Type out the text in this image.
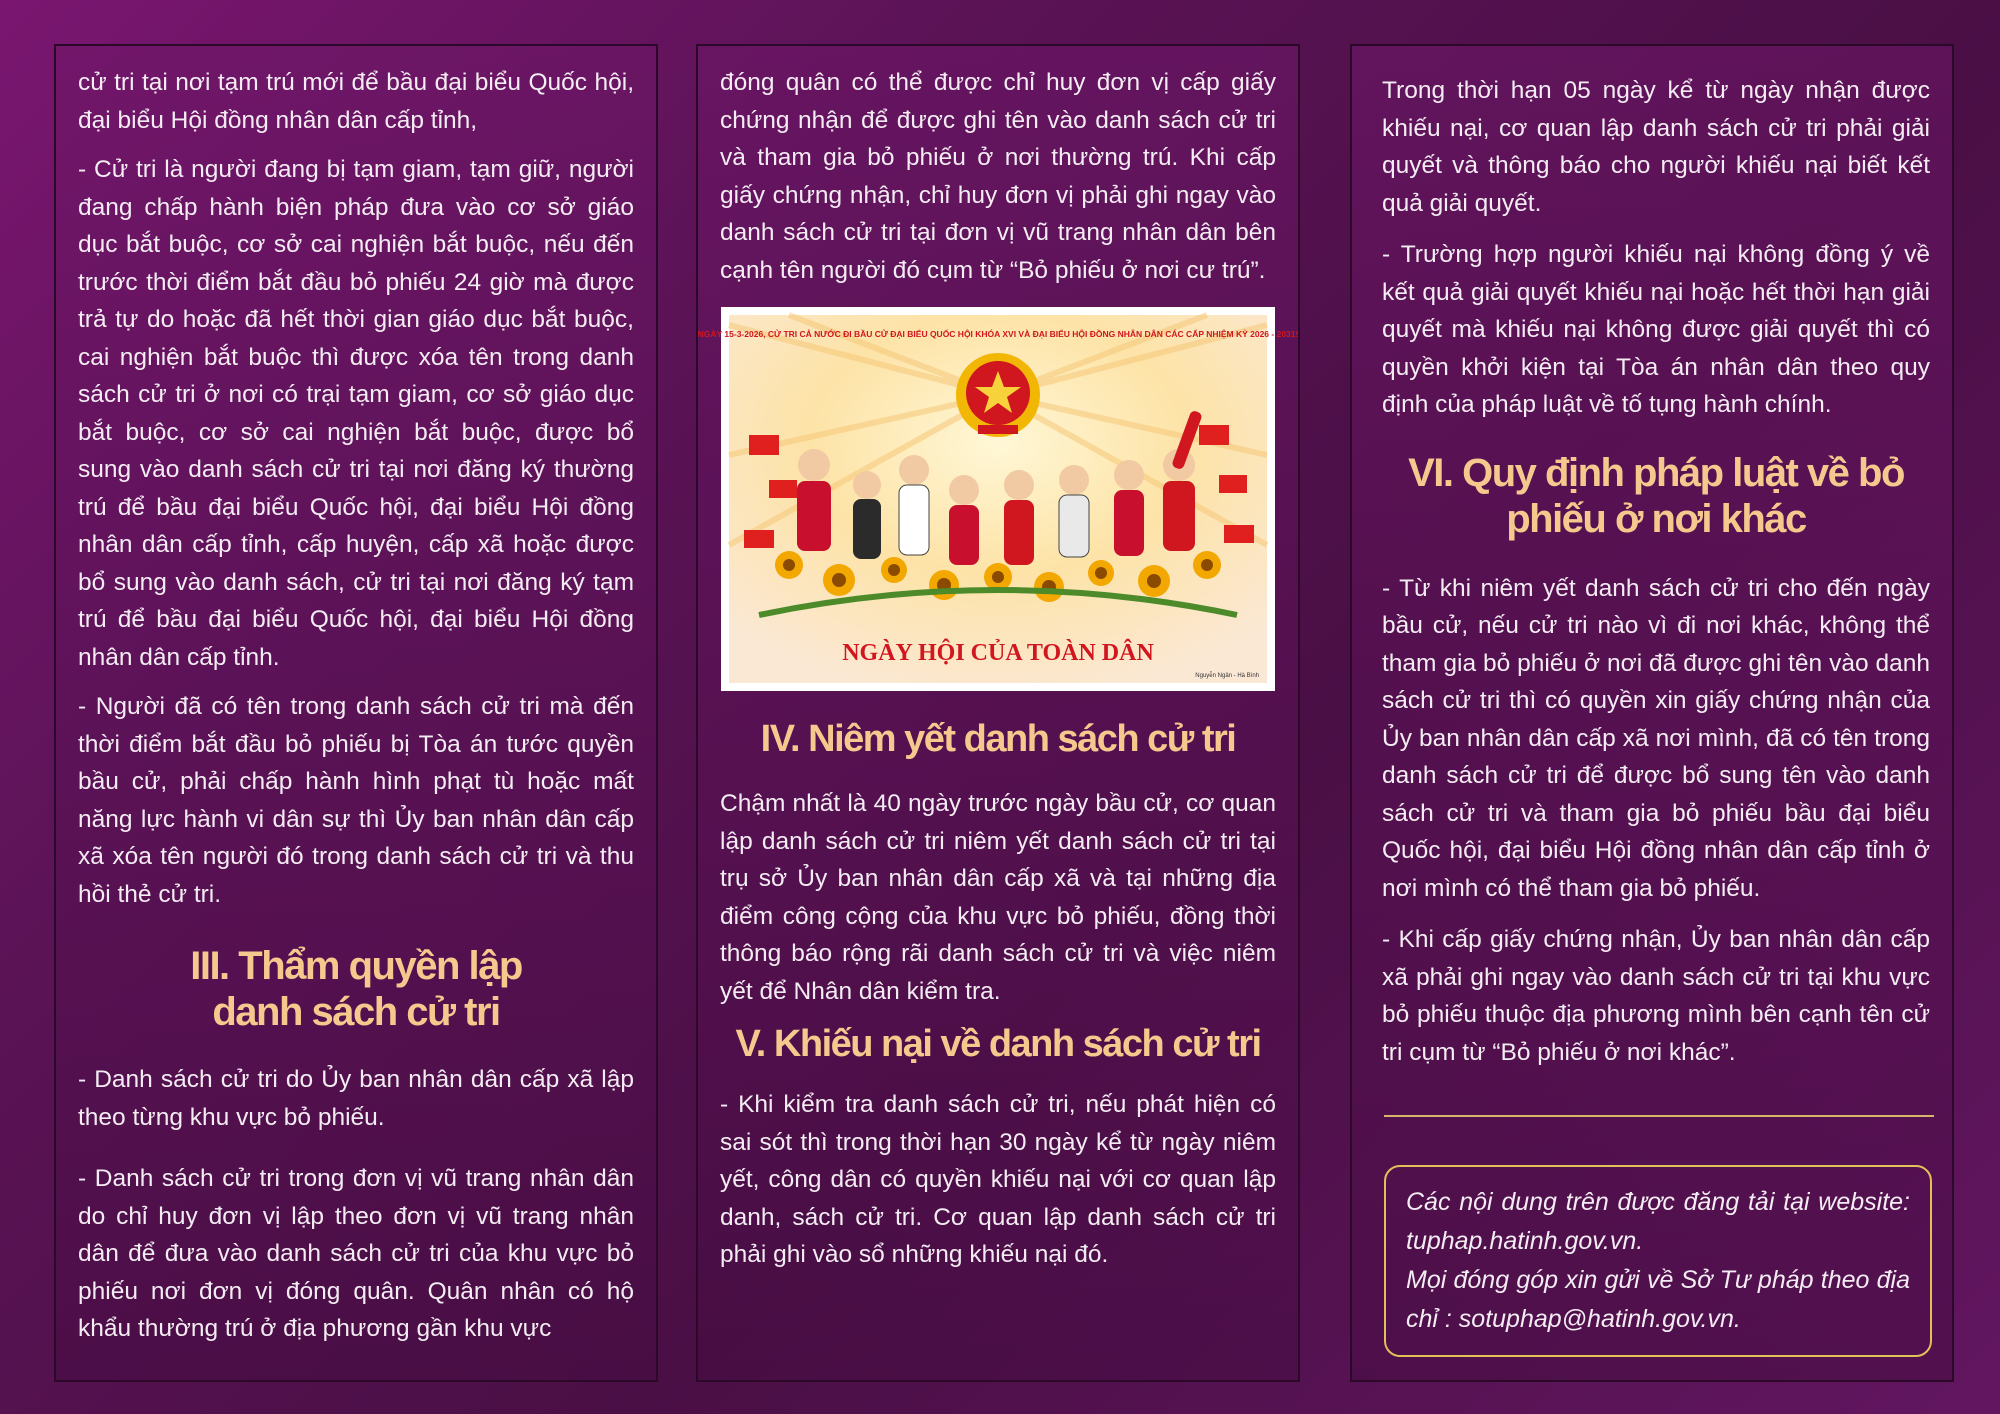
cử tri tại nơi tạm trú mới để bầu đại biểu Quốc hội, đại biểu Hội đồng nhân dân cấp tỉnh,

- Cử tri là người đang bị tạm giam, tạm giữ, người đang chấp hành biện pháp đưa vào cơ sở giáo dục bắt buộc, cơ sở cai nghiện bắt buộc, nếu đến trước thời điểm bắt đầu bỏ phiếu 24 giờ mà được trả tự do hoặc đã hết thời gian giáo dục bắt buộc, cai nghiện bắt buộc thì được xóa tên trong danh sách cử tri ở nơi có trại tạm giam, cơ sở giáo dục bắt buộc, cơ sở cai nghiện bắt buộc, được bổ sung vào danh sách cử tri tại nơi đăng ký thường trú để bầu đại biểu Quốc hội, đại biểu Hội đồng nhân dân cấp tỉnh, cấp huyện, cấp xã hoặc được bổ sung vào danh sách, cử tri tại nơi đăng ký tạm trú để bầu đại biểu Quốc hội, đại biểu Hội đồng nhân dân cấp tỉnh.

- Người đã có tên trong danh sách cử tri mà đến thời điểm bắt đầu bỏ phiếu bị Tòa án tước quyền bầu cử, phải chấp hành hình phạt tù hoặc mất năng lực hành vi dân sự thì Ủy ban nhân dân cấp xã xóa tên người đó trong danh sách cử tri và thu hồi thẻ cử tri.

III. Thẩm quyền lập
danh sách cử tri

- Danh sách cử tri do Ủy ban nhân dân cấp xã lập theo từng khu vực bỏ phiếu.

- Danh sách cử tri trong đơn vị vũ trang nhân dân do chỉ huy đơn vị lập theo đơn vị vũ trang nhân dân để đưa vào danh sách cử tri của khu vực bỏ phiếu nơi đơn vị đóng quân. Quân nhân có hộ khẩu thường trú ở địa phương gần khu vực

đóng quân có thể được chỉ huy đơn vị cấp giấy chứng nhận để được ghi tên vào danh sách cử tri và tham gia bỏ phiếu ở nơi thường trú. Khi cấp giấy chứng nhận, chỉ huy đơn vị phải ghi ngay vào danh sách cử tri tại đơn vị vũ trang nhân dân bên cạnh tên người đó cụm từ “Bỏ phiếu ở nơi cư trú”.

NGÀY 15-3-2026, CỬ TRI CẢ NƯỚC ĐI BẦU CỬ ĐẠI BIỂU QUỐC HỘI KHÓA XVI VÀ ĐẠI BIỂU HỘI ĐỒNG NHÂN DÂN CÁC CẤP NHIỆM KỲ 2026 - 2031!
NGÀY HỘI CỦA TOÀN DÂN
Nguyễn Ngân - Hà Bình
IV. Niêm yết danh sách cử tri

Chậm nhất là 40 ngày trước ngày bầu cử, cơ quan lập danh sách cử tri niêm yết danh sách cử tri tại trụ sở Ủy ban nhân dân cấp xã và tại những địa điểm công cộng của khu vực bỏ phiếu, đồng thời thông báo rộng rãi danh sách cử tri và việc niêm yết để Nhân dân kiểm tra.

V. Khiếu nại về danh sách cử tri

- Khi kiểm tra danh sách cử tri, nếu phát hiện có sai sót thì trong thời hạn 30 ngày kể từ ngày niêm yết, công dân có quyền khiếu nại với cơ quan lập danh, sách cử tri. Cơ quan lập danh sách cử tri phải ghi vào sổ những khiếu nại đó.

Trong thời hạn 05 ngày kể từ ngày nhận được khiếu nại, cơ quan lập danh sách cử tri phải giải quyết và thông báo cho người khiếu nại biết kết quả giải quyết.

- Trường hợp người khiếu nại không đồng ý về kết quả giải quyết khiếu nại hoặc hết thời hạn giải quyết mà khiếu nại không được giải quyết thì có quyền khởi kiện tại Tòa án nhân dân theo quy định của pháp luật về tố tụng hành chính.

VI. Quy định pháp luật về bỏ
phiếu ở nơi khác

- Từ khi niêm yết danh sách cử tri cho đến ngày bầu cử, nếu cử tri nào vì đi nơi khác, không thể tham gia bỏ phiếu ở nơi đã được ghi tên vào danh sách cử tri thì có quyền xin giấy chứng nhận của Ủy ban nhân dân cấp xã nơi mình, đã có tên trong danh sách cử tri để được bổ sung tên vào danh sách cử tri và tham gia bỏ phiếu bầu đại biểu Quốc hội, đại biểu Hội đồng nhân dân cấp tỉnh ở nơi mình có thể tham gia bỏ phiếu.

- Khi cấp giấy chứng nhận, Ủy ban nhân dân cấp xã phải ghi ngay vào danh sách cử tri tại khu vực bỏ phiếu thuộc địa phương mình bên cạnh tên cử tri cụm từ “Bỏ phiếu ở nơi khác”.

Các nội dung trên được đăng tải tại website: tuphap.hatinh.gov.vn.

Mọi đóng góp xin gửi về Sở Tư pháp theo địa chỉ : sotuphap@hatinh.gov.vn.
